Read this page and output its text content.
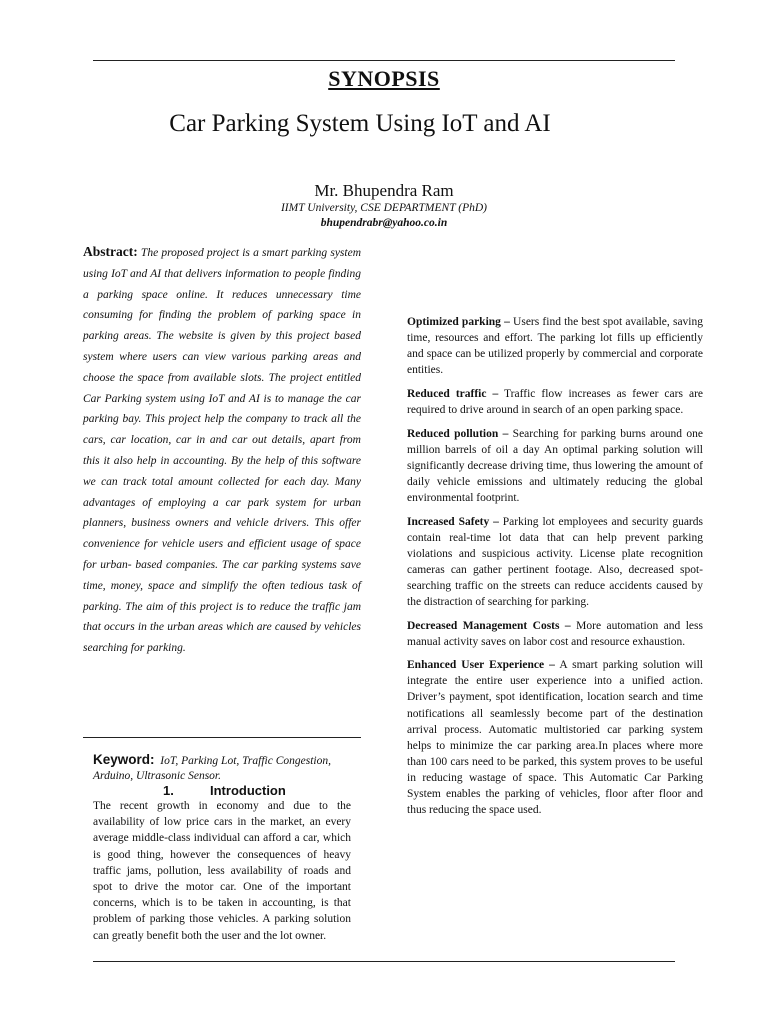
SYNOPSIS
Car Parking System Using IoT and AI
Mr. Bhupendra Ram
IIMT University, CSE DEPARTMENT (PhD)
bhupendrabr@yahoo.co.in
Abstract: The proposed project is a smart parking system using IoT and AI that delivers information to people finding a parking space online. It reduces unnecessary time consuming for finding the problem of parking space in parking areas. The website is given by this project based system where users can view various parking areas and choose the space from available slots. The project entitled Car Parking system using IoT and AI is to manage the car parking bay. This project help the company to track all the cars, car location, car in and car out details, apart from this it also help in accounting. By the help of this software we can track total amount collected for each day. Many advantages of employing a car park system for urban planners, business owners and vehicle drivers. This offer convenience for vehicle users and efficient usage of space for urban- based companies. The car parking systems save time, money, space and simplify the often tedious task of parking. The aim of this project is to reduce the traffic jam that occurs in the urban areas which are caused by vehicles searching for parking.
Keyword: IoT, Parking Lot, Traffic Congestion, Arduino, Ultrasonic Sensor.
1.	Introduction
The recent growth in economy and due to the availability of low price cars in the market, an every average middle-class individual can afford a car, which is good thing, however the consequences of heavy traffic jams, pollution, less availability of roads and spot to drive the motor car. One of the important concerns, which is to be taken in accounting, is that problem of parking those vehicles. A parking solution can greatly benefit both the user and the lot owner.

Optimized parking – Users find the best spot available, saving time, resources and effort. The parking lot fills up efficiently and space can be utilized properly by commercial and corporate entities.

Reduced traffic – Traffic flow increases as fewer cars are required to drive around in search of an open parking space.

Reduced pollution – Searching for parking burns around one million barrels of oil a day An optimal parking solution will significantly decrease driving time, thus lowering the amount of daily vehicle emissions and ultimately reducing the global environmental footprint.

Increased Safety – Parking lot employees and security guards contain real-time lot data that can help prevent parking violations and suspicious activity. License plate recognition cameras can gather pertinent footage. Also, decreased spot-searching traffic on the streets can reduce accidents caused by the distraction of searching for parking.

Decreased Management Costs – More automation and less manual activity saves on labor cost and resource exhaustion.

Enhanced User Experience – A smart parking solution will integrate the entire user experience into a unified action. Driver’s payment, spot identification, location search and time notifications all seamlessly become part of the destination arrival process. Automatic multistoried car parking system helps to minimize the car parking area.In places where more than 100 cars need to be parked, this system proves to be useful in reducing wastage of space. This Automatic Car Parking System enables the parking of vehicles, floor after floor and thus reducing the space used.
